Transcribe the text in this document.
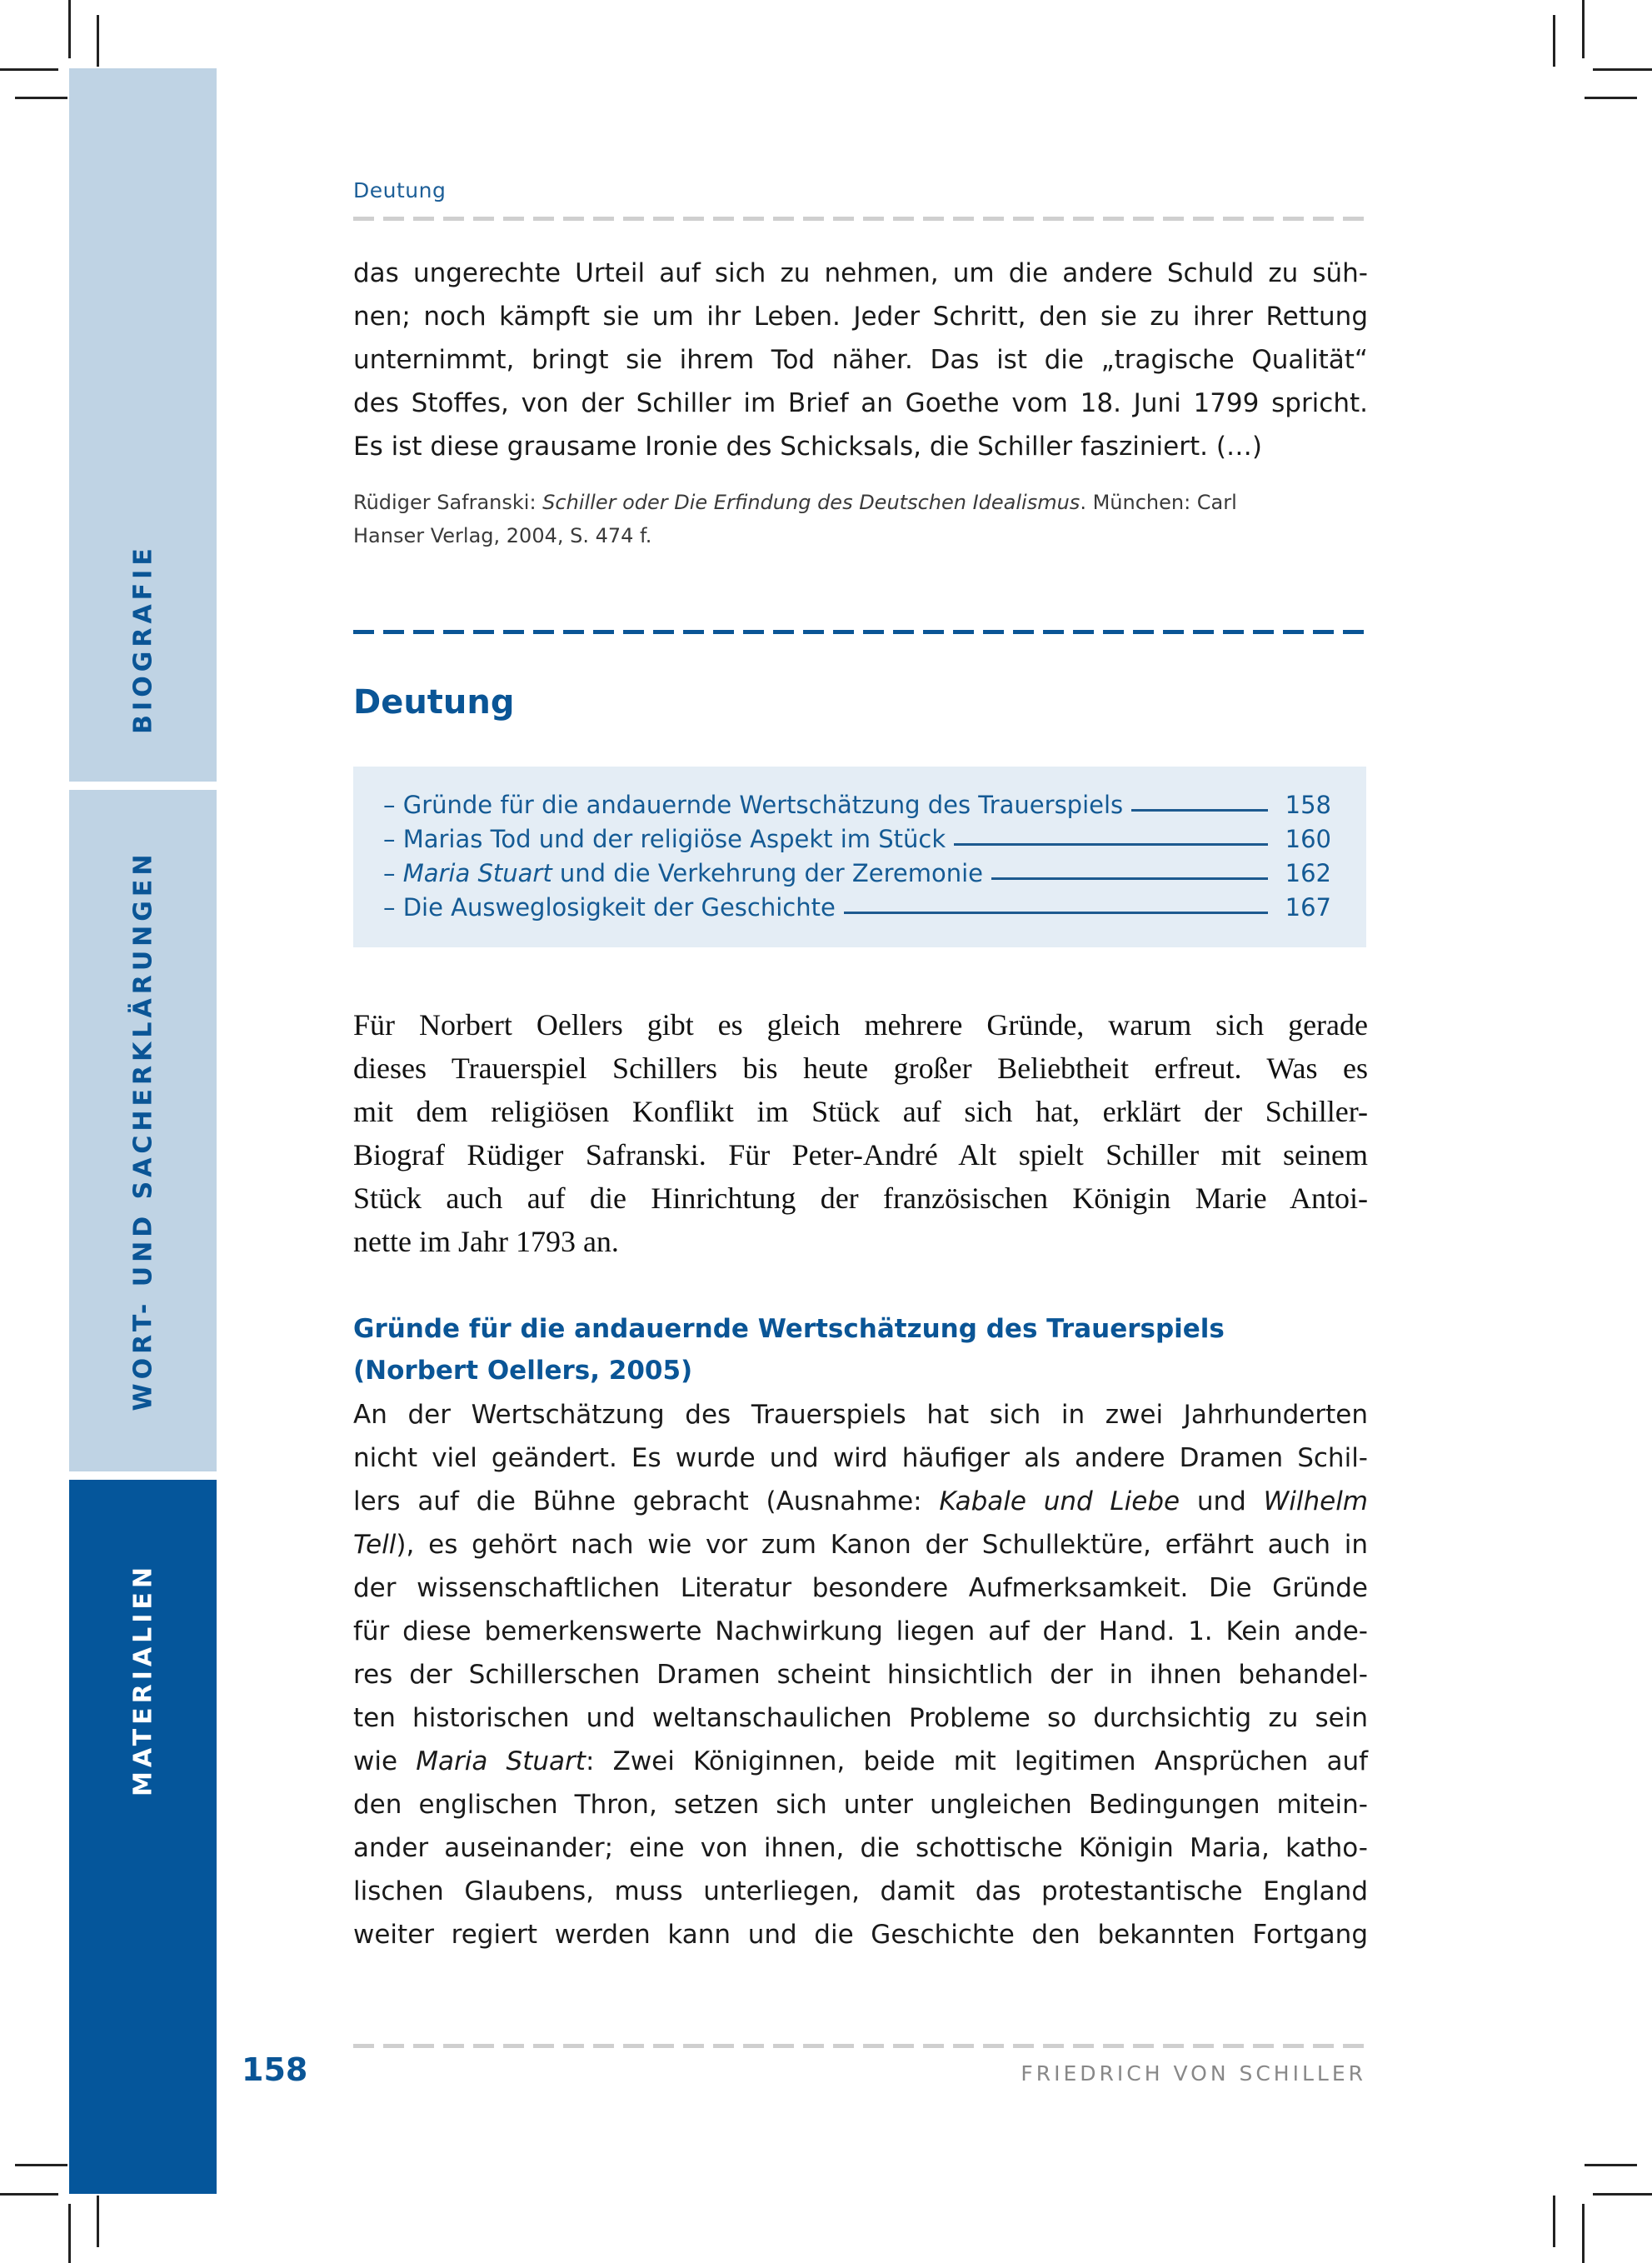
BIOGRAFIE
WORT- UND SACHERKLÄRUNGEN
MATERIALIEN
Deutung
das ungerechte Urteil auf sich zu nehmen, um die andere Schuld zu süh-
nen; noch kämpft sie um ihr Leben. Jeder Schritt, den sie zu ihrer Rettung
unternimmt, bringt sie ihrem Tod näher. Das ist die „tragische Qualität“
des Stoffes, von der Schiller im Brief an Goethe vom 18. Juni 1799 spricht.
Es ist diese grausame Ironie des Schicksals, die Schiller fasziniert. (…)
Rüdiger Safranski: Schiller oder Die Erfindung des Deutschen Idealismus. München: Carl
Hanser Verlag, 2004, S. 474 f.
Deutung
– Gründe für die andauernde Wertschätzung des Trauerspiels	158
– Marias Tod und der religiöse Aspekt im Stück	160
– Maria Stuart und die Verkehrung der Zeremonie	162
– Die Ausweglosigkeit der Geschichte	167
Für Norbert Oellers gibt es gleich mehrere Gründe, warum sich gerade
dieses Trauerspiel Schillers bis heute großer Beliebtheit erfreut. Was es
mit dem religiösen Konflikt im Stück auf sich hat, erklärt der Schiller-
Biograf Rüdiger Safranski. Für Peter-André Alt spielt Schiller mit seinem
Stück auch auf die Hinrichtung der französischen Königin Marie Antoi-
nette im Jahr 1793 an.
Gründe für die andauernde Wertschätzung des Trauerspiels
(Norbert Oellers, 2005)
An der Wertschätzung des Trauerspiels hat sich in zwei Jahrhunderten
nicht viel geändert. Es wurde und wird häufiger als andere Dramen Schil-
lers auf die Bühne gebracht (Ausnahme: Kabale und Liebe und Wilhelm
Tell), es gehört nach wie vor zum Kanon der Schullektüre, erfährt auch in
der wissenschaftlichen Literatur besondere Aufmerksamkeit. Die Gründe
für diese bemerkenswerte Nachwirkung liegen auf der Hand. 1. Kein ande-
res der Schillerschen Dramen scheint hinsichtlich der in ihnen behandel-
ten historischen und weltanschaulichen Probleme so durchsichtig zu sein
wie Maria Stuart: Zwei Königinnen, beide mit legitimen Ansprüchen auf
den englischen Thron, setzen sich unter ungleichen Bedingungen mitein-
ander auseinander; eine von ihnen, die schottische Königin Maria, katho-
lischen Glaubens, muss unterliegen, damit das protestantische England
weiter regiert werden kann und die Geschichte den bekannten Fortgang
158	FRIEDRICH VON SCHILLER
